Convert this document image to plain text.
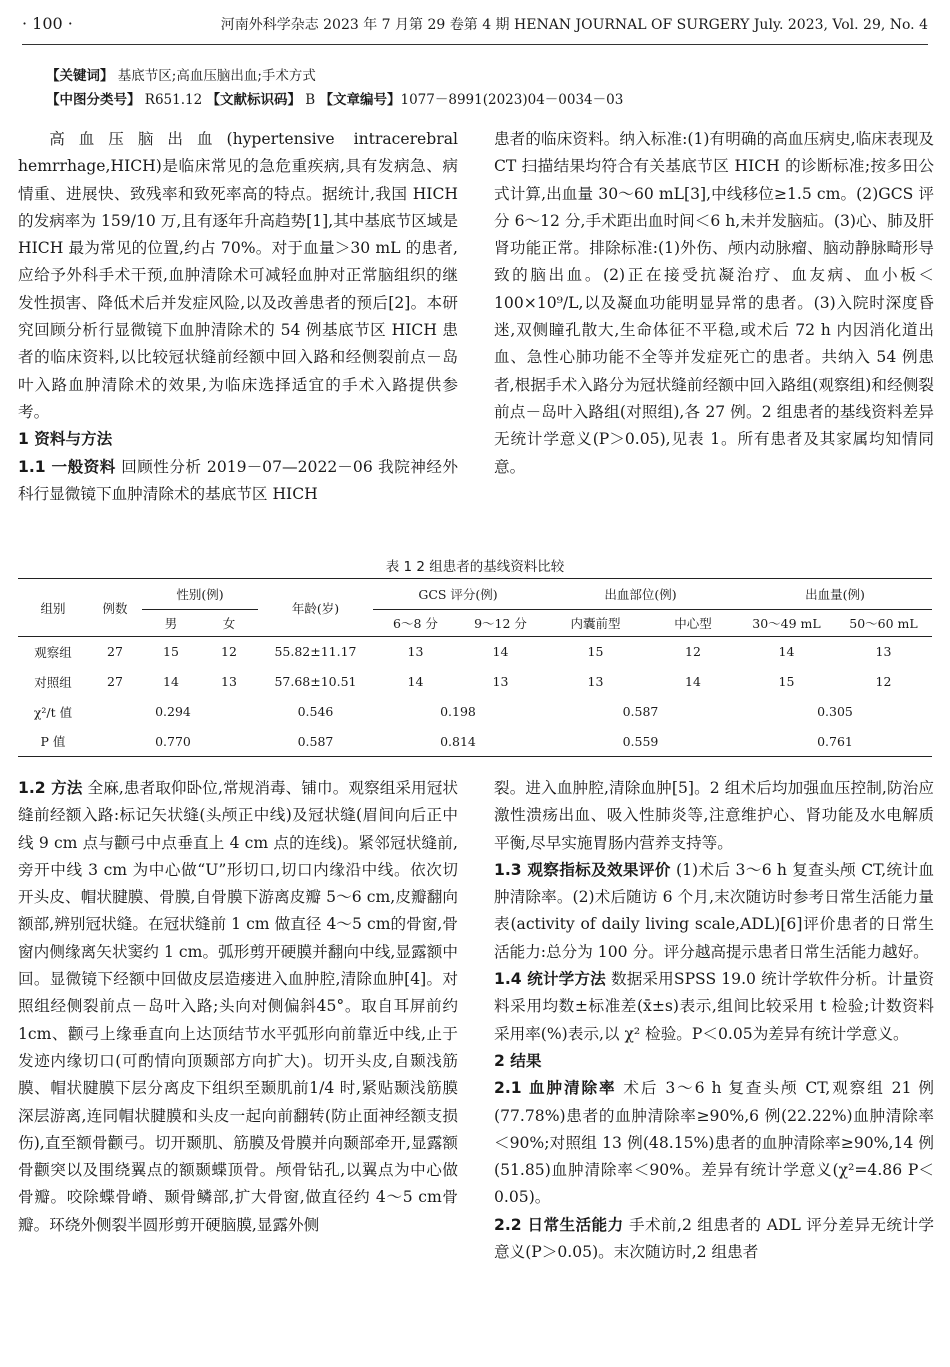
· 100 ·	河南外科学杂志 2023 年 7 月第 29 卷第 4 期 HENAN JOURNAL OF SURGERY July. 2023, Vol. 29, No. 4
【关键词】 基底节区;高血压脑出血;手术方式
【中图分类号】 R651.12 【文献标识码】 B 【文章编号】1077－8991(2023)04－0034－03

高血压脑出血(hypertensive intracerebral hemrrhage,HICH)是临床常见的急危重疾病,具有发病急、病情重、进展快、致残率和致死率高的特点。据统计,我国 HICH 的发病率为 159/10 万,且有逐年升高趋势[1],其中基底节区域是 HICH 最为常见的位置,约占 70%。对于血量＞30 mL 的患者,应给予外科手术干预,血肿清除术可减轻血肿对正常脑组织的继发性损害、降低术后并发症风险,以及改善患者的预后[2]。本研究回顾分析行显微镜下血肿清除术的 54 例基底节区 HICH 患者的临床资料,以比较冠状缝前经额中回入路和经侧裂前点－岛叶入路血肿清除术的效果,为临床选择适宜的手术入路提供参考。

1 资料与方法

1.1 一般资料 回顾性分析 2019－07—2022－06 我院神经外科行显微镜下血肿清除术的基底节区 HICH

患者的临床资料。纳入标准:(1)有明确的高血压病史,临床表现及 CT 扫描结果均符合有关基底节区 HICH 的诊断标准;按多田公式计算,出血量 30～60 mL[3],中线移位≥1.5 cm。(2)GCS 评分 6～12 分,手术距出血时间＜6 h,未并发脑疝。(3)心、肺及肝肾功能正常。排除标准:(1)外伤、颅内动脉瘤、脑动静脉畸形导致的脑出血。(2)正在接受抗凝治疗、血友病、血小板＜100×10⁹/L,以及凝血功能明显异常的患者。(3)入院时深度昏迷,双侧瞳孔散大,生命体征不平稳,或术后 72 h 内因消化道出血、急性心肺功能不全等并发症死亡的患者。共纳入 54 例患者,根据手术入路分为冠状缝前经额中回入路组(观察组)和经侧裂前点－岛叶入路组(对照组),各 27 例。2 组患者的基线资料差异无统计学意义(P＞0.05),见表 1。所有患者及其家属均知情同意。

表 1 2 组患者的基线资料比较
组别	例数	性别(例)		年龄(岁)	GCS 评分(例)		出血部位(例)		出血量(例)	
		男	女		6～8 分	9～12 分	内囊前型	中心型	30～49 mL	50～60 mL
观察组	27	15	12	55.82±11.17	13	14	15	12	14	13
对照组	27	14	13	57.68±10.51	14	13	13	14	15	12
χ²/t 值	0.294			0.546	0.198		0.587		0.305	
P 值	0.770			0.587	0.814		0.559		0.761	

1.2 方法 全麻,患者取仰卧位,常规消毒、铺巾。观察组采用冠状缝前经额入路:标记矢状缝(头颅正中线)及冠状缝(眉间向后正中线 9 cm 点与颧弓中点垂直上 4 cm 点的连线)。紧邻冠状缝前,旁开中线 3 cm 为中心做“U”形切口,切口内缘沿中线。依次切开头皮、帽状腱膜、骨膜,自骨膜下游离皮瓣 5～6 cm,皮瓣翻向额部,辨别冠状缝。在冠状缝前 1 cm 做直径 4～5 cm的骨窗,骨窗内侧缘离矢状窦约 1 cm。弧形剪开硬膜并翻向中线,显露额中回。显微镜下经额中回做皮层造瘘进入血肿腔,清除血肿[4]。对照组经侧裂前点－岛叶入路;头向对侧偏斜45°。取自耳屏前约1cm、颧弓上缘垂直向上达顶结节水平弧形向前靠近中线,止于发迹内缘切口(可酌情向顶颞部方向扩大)。切开头皮,自颞浅筋膜、帽状腱膜下层分离皮下组织至颞肌前1/4 时,紧贴颞浅筋膜深层游离,连同帽状腱膜和头皮一起向前翻转(防止面神经额支损伤),直至额骨颧弓。切开颞肌、筋膜及骨膜并向颞部牵开,显露额骨颧突以及围绕翼点的额颞蝶顶骨。颅骨钻孔,以翼点为中心做骨瓣。咬除蝶骨嵴、颞骨鳞部,扩大骨窗,做直径约 4～5 cm骨瓣。环绕外侧裂半圆形剪开硬脑膜,显露外侧

裂。进入血肿腔,清除血肿[5]。2 组术后均加强血压控制,防治应激性溃疡出血、吸入性肺炎等,注意维护心、肾功能及水电解质平衡,尽早实施胃肠内营养支持等。

1.3 观察指标及效果评价 (1)术后 3～6 h 复查头颅 CT,统计血肿清除率。(2)术后随访 6 个月,末次随访时参考日常生活能力量表(activity of daily living scale,ADL)[6]评价患者的日常生活能力:总分为 100 分。评分越高提示患者日常生活能力越好。

1.4 统计学方法 数据采用SPSS 19.0 统计学软件分析。计量资料采用均数±标准差(x̄±s)表示,组间比较采用 t 检验;计数资料采用率(%)表示,以 χ² 检验。P＜0.05为差异有统计学意义。

2 结果

2.1 血肿清除率 术后 3～6 h 复查头颅 CT,观察组 21 例(77.78%)患者的血肿清除率≥90%,6 例(22.22%)血肿清除率＜90%;对照组 13 例(48.15%)患者的血肿清除率≥90%,14 例(51.85)血肿清除率＜90%。差异有统计学意义(χ²=4.86 P＜0.05)。

2.2 日常生活能力 手术前,2 组患者的 ADL 评分差异无统计学意义(P＞0.05)。末次随访时,2 组患者
